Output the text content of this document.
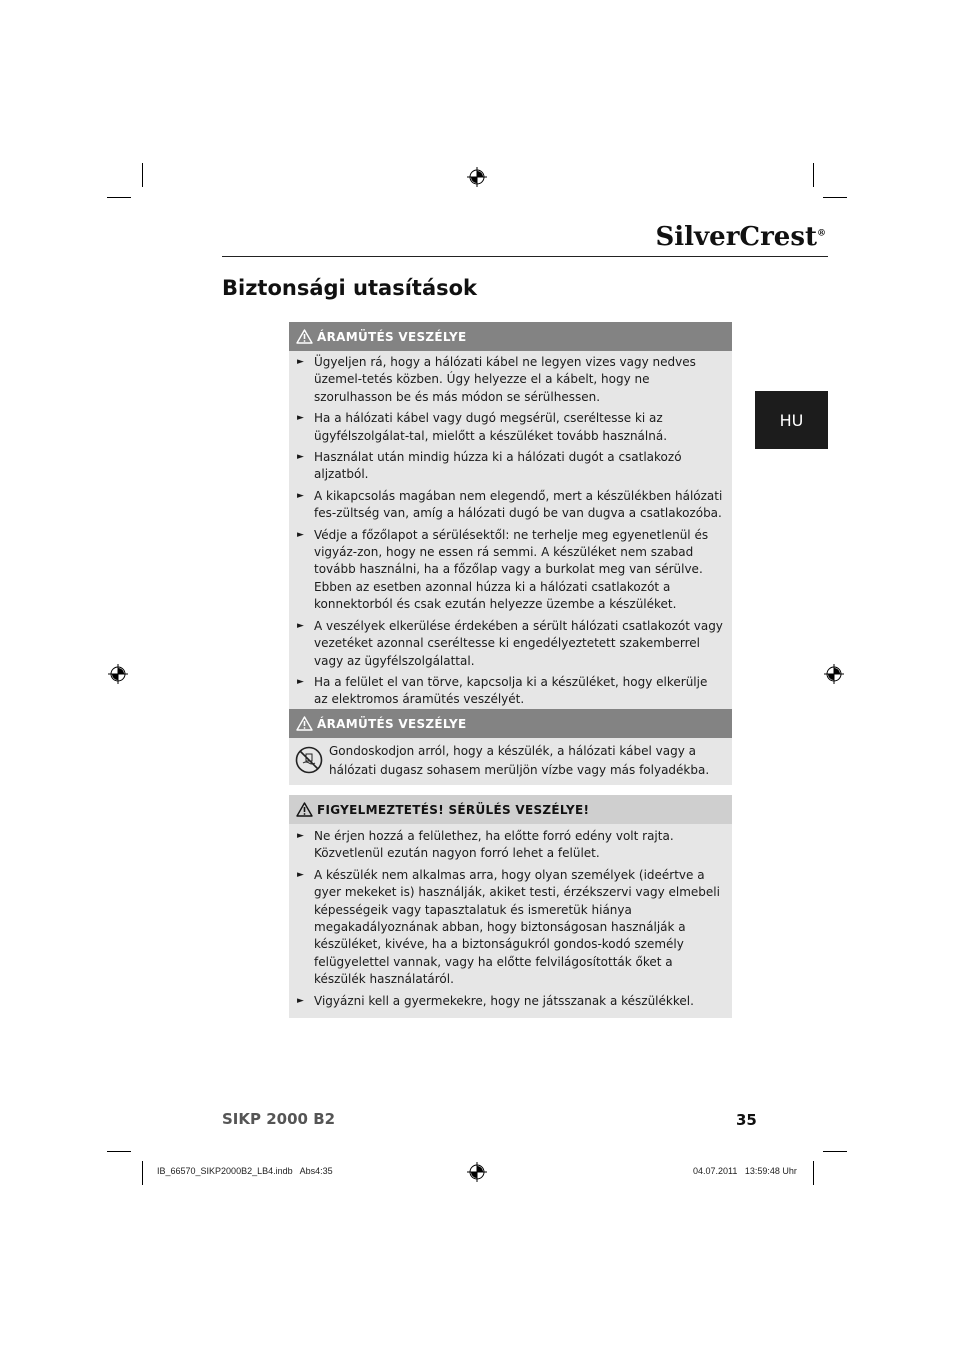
SilverCrest®
Biztonsági utasítások
HU
ÁRAMÜTÉS VESZÉLYE
► Ügyeljen rá, hogy a hálózati kábel ne legyen vizes vagy nedves üzemel-tetés közben. Úgy helyezze el a kábelt, hogy ne szorulhasson be és más módon se sérülhessen.
► Ha a hálózati kábel vagy dugó megsérül, cseréltesse ki az ügyfélszolgálat-tal, mielőtt a készüléket tovább használná.
► Használat után mindig húzza ki a hálózati dugót a csatlakozó aljzatból.
► A kikapcsolás magában nem elegendő, mert a készülékben hálózati fes-zültség van, amíg a hálózati dugó be van dugva a csatlakozóba.
► Védje a főzőlapot a sérülésektől: ne terhelje meg egyenetlenül és vigyáz-zon, hogy ne essen rá semmi. A készüléket nem szabad tovább használni, ha a főzőlap vagy a burkolat meg van sérülve. Ebben az esetben azonnal húzza ki a hálózati csatlakozót a konnektorból és csak ezután helyezze üzembe a készüléket.
► A veszélyek elkerülése érdekében a sérült hálózati csatlakozót vagy vezetéket azonnal cseréltesse ki engedélyeztetett szakemberrel vagy az ügyfélszolgálattal.
► Ha a felület el van törve, kapcsolja ki a készüléket, hogy elkerülje az elektromos áramütés veszélyét.
ÁRAMÜTÉS VESZÉLYE
Gondoskodjon arról, hogy a készülék, a hálózati kábel vagy a hálózati dugasz sohasem merüljön vízbe vagy más folyadékba.
FIGYELMEZTETÉS! SÉRÜLÉS VESZÉLYE!
► Ne érjen hozzá a felülethez, ha előtte forró edény volt rajta. Közvetlenül ezután nagyon forró lehet a felület.
► A készülék nem alkalmas arra, hogy olyan személyek (ideértve a gyer mekeket is) használják, akiket testi, érzékszervi vagy elmebeli képességeik vagy tapasztalatuk és ismeretük hiánya megakadályoznának abban, hogy biztonságosan használják a készüléket, kivéve, ha a biztonságukról gondos-kodó személy felügyelettel vannak, vagy ha előtte felvilágosították őket a készülék használatáról.
► Vigyázni kell a gyermekekre, hogy ne játsszanak a készülékkel.
SIKP 2000 B2	35
IB_66570_SIKP2000B2_LB4.indb   Abs4:35	04.07.2011   13:59:48 Uhr
